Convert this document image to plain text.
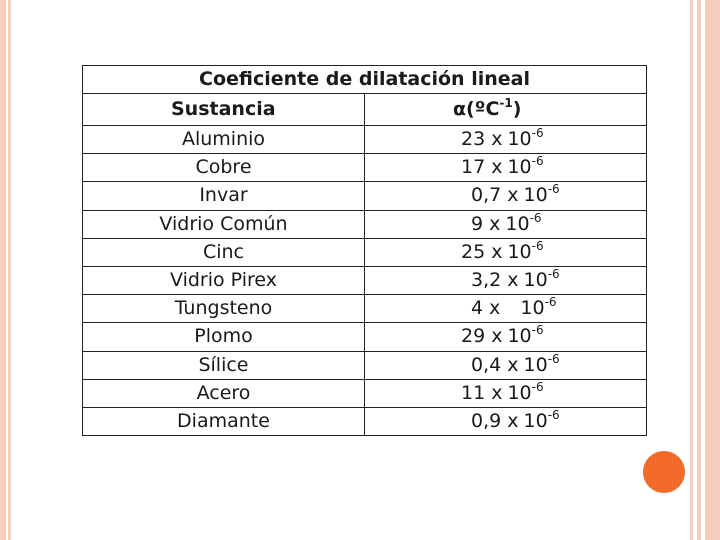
Coeficiente de dilatación lineal	
Sustancia	α(ºC$^{-1}$)
Aluminio	23 x $10^{-6}$
Cobre	17 x $10^{-6}$
Invar	0,7 x $10^{-6}$
Vidrio Común	9 x $10^{-6}$
Cinc	25 x $10^{-6}$
Vidrio Pirex	3,2 x $10^{-6}$
Tungsteno	4 x $10^{-6}$
Plomo	29 x $10^{-6}$
Sílice	0,4 x $10^{-6}$
Acero	11 x $10^{-6}$
Diamante	0,9 x $10^{-6}$
